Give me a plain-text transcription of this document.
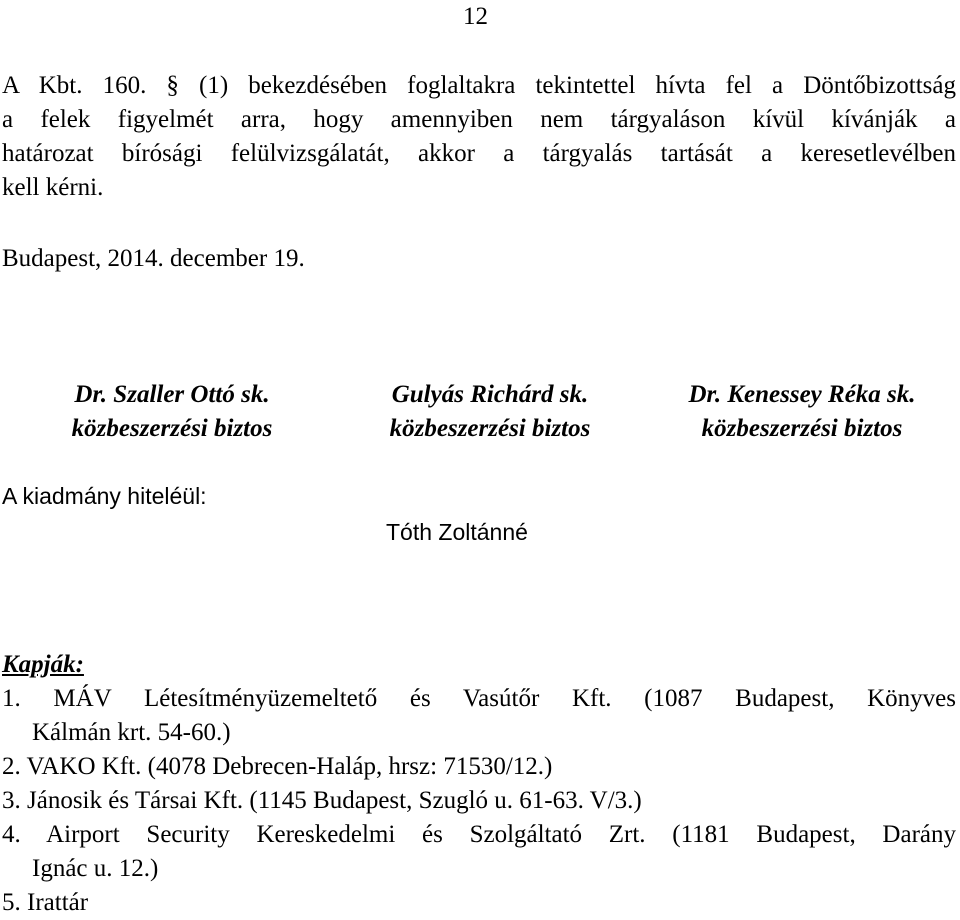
12
A Kbt. 160. § (1) bekezdésében foglaltakra tekintettel hívta fel a Döntőbizottság
a felek figyelmét arra, hogy amennyiben nem tárgyaláson kívül kívánják a
határozat bírósági felülvizsgálatát, akkor a tárgyalás tartását a keresetlevélben
kell kérni.
Budapest, 2014. december 19.
Dr. Szaller Ottó sk.
közbeszerzési biztos
Gulyás Richárd sk.
közbeszerzési biztos
Dr. Kenessey Réka sk.
közbeszerzési biztos
A kiadmány hiteléül:
Tóth Zoltánné
Kapják:
1. MÁV Létesítményüzemeltető és Vasútőr Kft. (1087 Budapest, Könyves
Kálmán krt. 54-60.)
2. VAKO Kft. (4078 Debrecen-Haláp, hrsz: 71530/12.)
3. Jánosik és Társai Kft. (1145 Budapest, Szugló u. 61-63. V/3.)
4. Airport Security Kereskedelmi és Szolgáltató Zrt. (1181 Budapest, Darány
Ignác u. 12.)
5. Irattár
